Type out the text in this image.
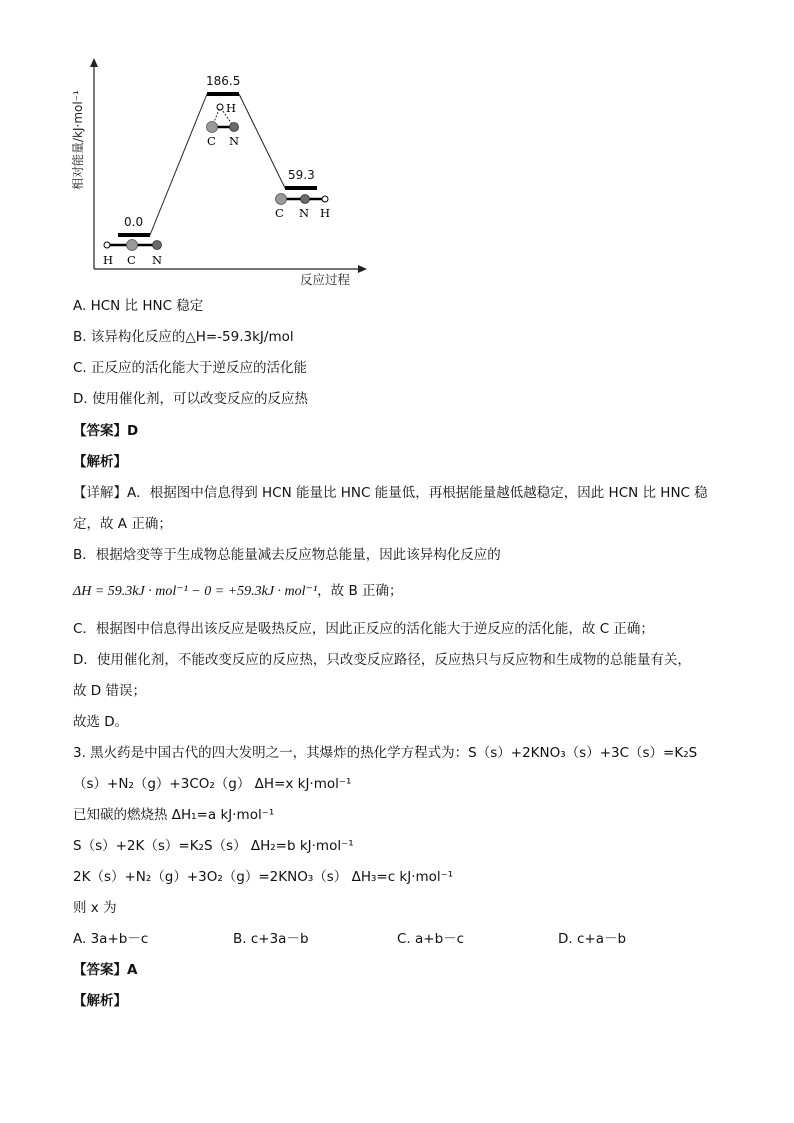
相对能量/kJ·mol⁻¹
反应过程
0.0
186.5
59.3
H C N
H
C N
C N H
A. HCN 比 HNC 稳定
B. 该异构化反应的△H=-59.3kJ/mol
C. 正反应的活化能大于逆反应的活化能
D. 使用催化剂，可以改变反应的反应热
【答案】D
【解析】
【详解】A．根据图中信息得到 HCN 能量比 HNC 能量低，再根据能量越低越稳定，因此 HCN 比 HNC 稳
定，故 A 正确；
B．根据焓变等于生成物总能量减去反应物总能量，因此该异构化反应的
ΔH = 59.3kJ · mol⁻¹ − 0 = +59.3kJ · mol⁻¹，故 B 正确；
C．根据图中信息得出该反应是吸热反应，因此正反应的活化能大于逆反应的活化能，故 C 正确；
D．使用催化剂，不能改变反应的反应热，只改变反应路径，反应热只与反应物和生成物的总能量有关，
故 D 错误；
故选 D。
3. 黑火药是中国古代的四大发明之一，其爆炸的热化学方程式为：S（s）+2KNO₃（s）+3C（s）=K₂S
（s）+N₂（g）+3CO₂（g） ΔH=x kJ·mol⁻¹
已知碳的燃烧热 ΔH₁=a kJ·mol⁻¹
S（s）+2K（s）=K₂S（s） ΔH₂=b kJ·mol⁻¹
2K（s）+N₂（g）+3O₂（g）=2KNO₃（s） ΔH₃=c kJ·mol⁻¹
则 x 为
A. 3a+b－c	B. c+3a－b	C. a+b－c	D. c+a－b
【答案】A
【解析】
